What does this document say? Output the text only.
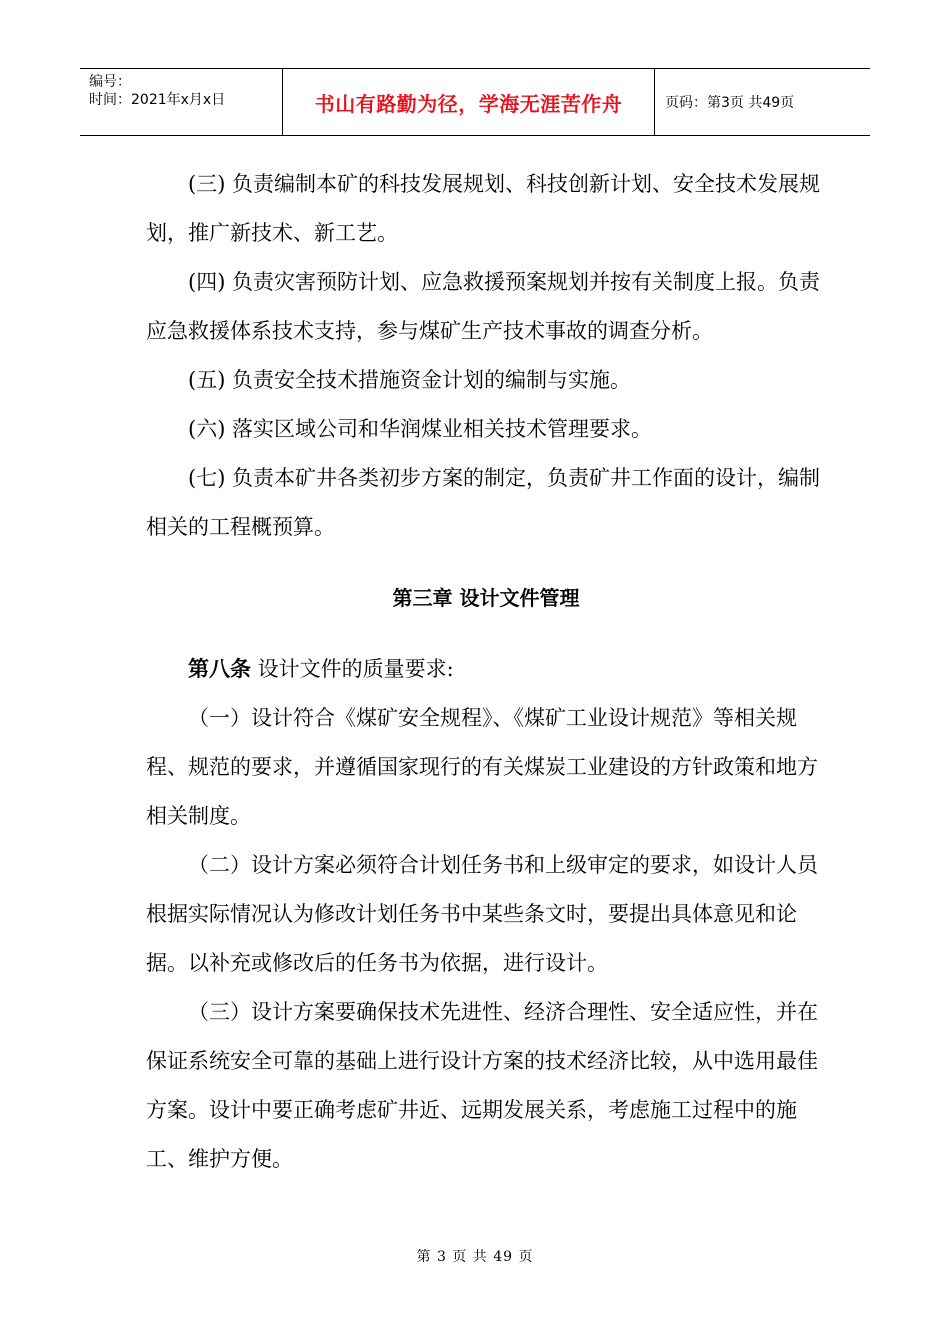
编号：
时间：2021年x月x日	书山有路勤为径，学海无涯苦作舟	页码：第3页 共49页

(三) 负责编制本矿的科技发展规划、科技创新计划、安全技术发展规划，推广新技术、新工艺。

(四) 负责灾害预防计划、应急救援预案规划并按有关制度上报。负责应急救援体系技术支持，参与煤矿生产技术事故的调查分析。

(五) 负责安全技术措施资金计划的编制与实施。

(六) 落实区域公司和华润煤业相关技术管理要求。

(七) 负责本矿井各类初步方案的制定，负责矿井工作面的设计，编制相关的工程概预算。

第三章 设计文件管理

第八条 设计文件的质量要求:

（一）设计符合《煤矿安全规程》、《煤矿工业设计规范》等相关规程、规范的要求，并遵循国家现行的有关煤炭工业建设的方针政策和地方相关制度。

（二）设计方案必须符合计划任务书和上级审定的要求，如设计人员根据实际情况认为修改计划任务书中某些条文时，要提出具体意见和论据。以补充或修改后的任务书为依据，进行设计。

（三）设计方案要确保技术先进性、经济合理性、安全适应性，并在保证系统安全可靠的基础上进行设计方案的技术经济比较，从中选用最佳方案。设计中要正确考虑矿井近、远期发展关系，考虑施工过程中的施工、维护方便。

第 3 页 共 49 页
